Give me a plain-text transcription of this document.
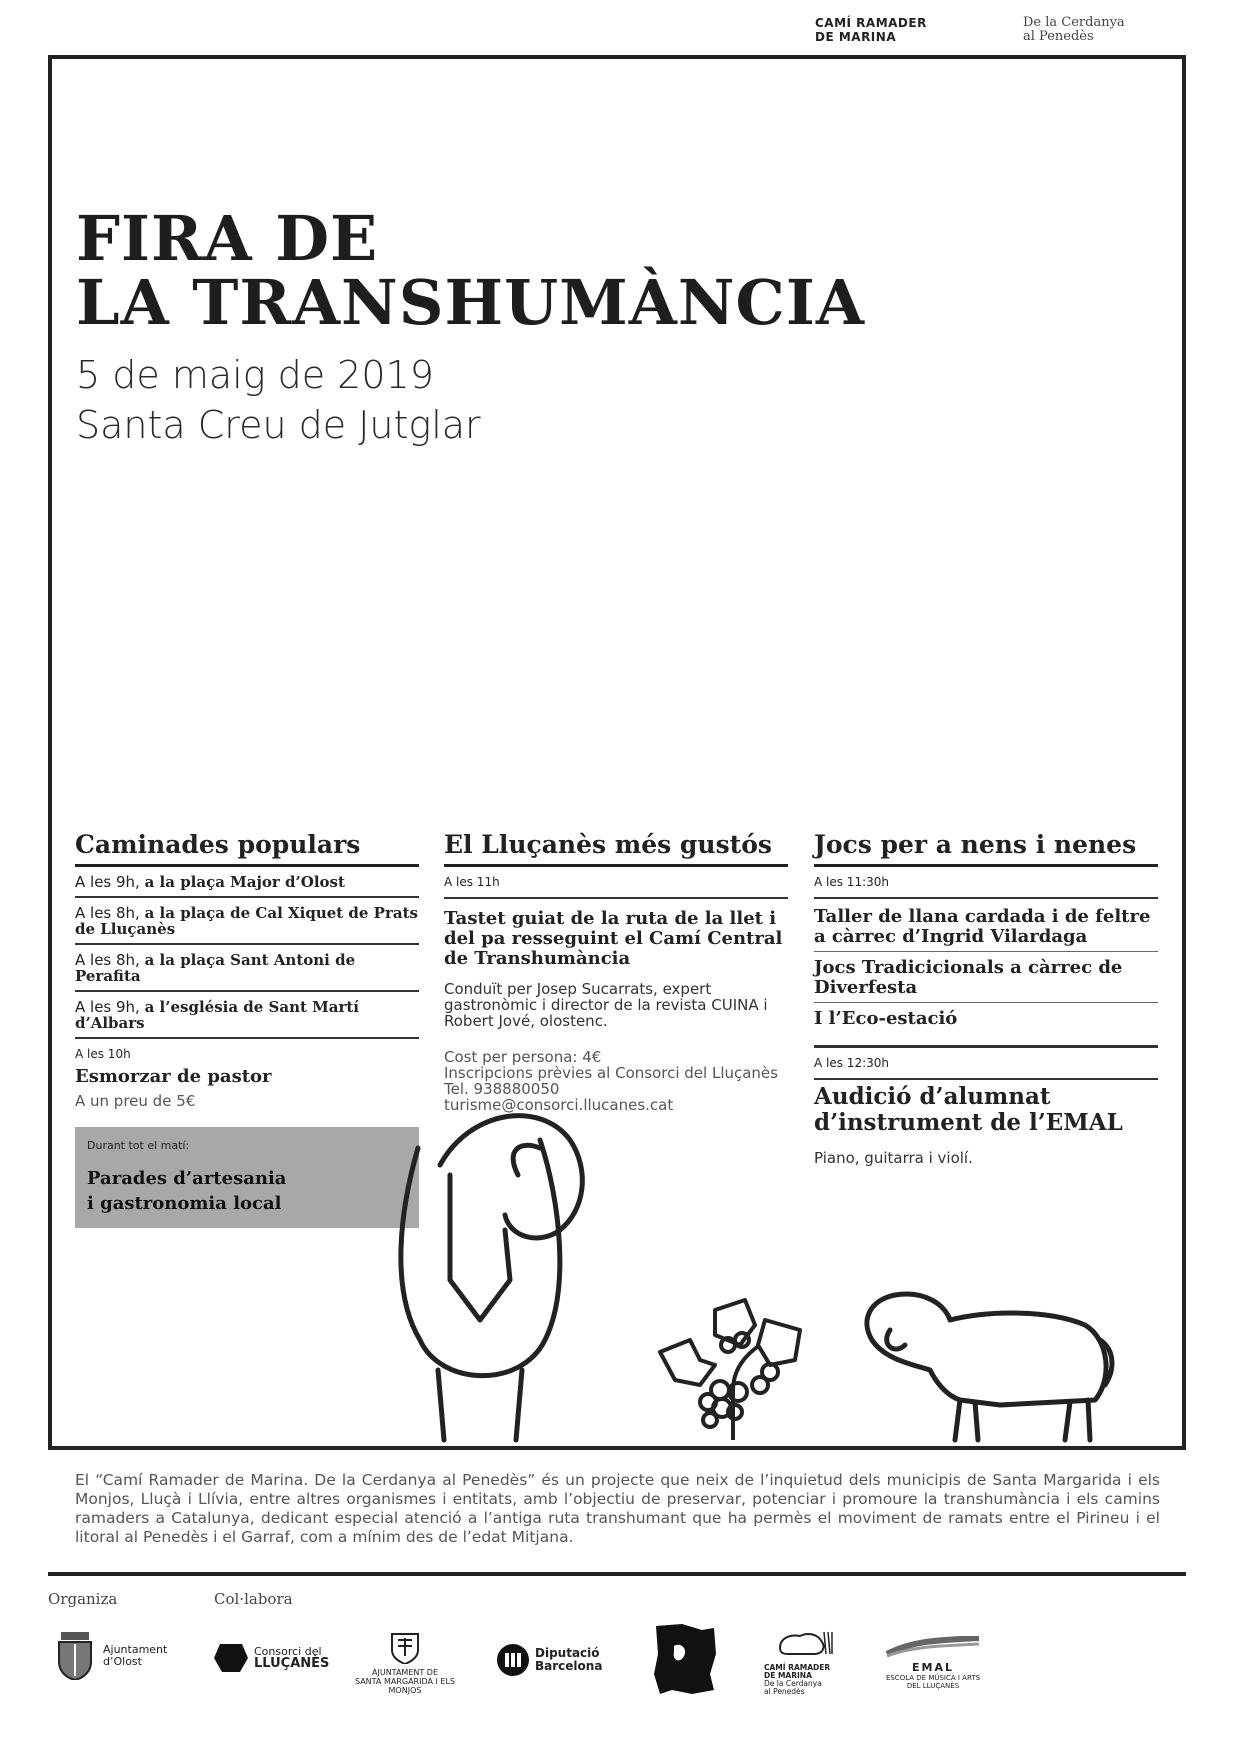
CAMÍ RAMADER
DE MARINA
De la Cerdanya
al Penedès
FIRA DE
LA TRANSHUMÀNCIA
5 de maig de 2019
Santa Creu de Jutglar
Caminades populars
A les 9h, a la plaça Major d’Olost
A les 8h, a la plaça de Cal Xiquet de Prats de Lluçanès
A les 8h, a la plaça Sant Antoni de Perafita
A les 9h, a l’església de Sant Martí d’Albars
A les 10h
Esmorzar de pastor
A un preu de 5€
Durant tot el matí:
Parades d’artesania
i gastronomia local
El Lluçanès més gustós
A les 11h
Tastet guiat de la ruta de la llet i del pa resseguint el Camí Central de Transhumància
Conduït per Josep Sucarrats, expert gastronòmic i director de la revista CUINA i Robert Jové, olostenc.
Cost per persona: 4€
Inscripcions prèvies al Consorci del Lluçanès
Tel. 938880050
turisme@consorci.llucanes.cat
Jocs per a nens i nenes
A les 11:30h
Taller de llana cardada i de feltre a càrrec d’Ingrid Vilardaga
Jocs Tradicicionals a càrrec de Diverfesta
I l’Eco-estació
A les 12:30h
Audició d’alumnat
d’instrument de l’EMAL
Piano, guitarra i violí.
El “Camí Ramader de Marina. De la Cerdanya al Penedès” és un projecte que neix de l’inquietud dels municipis de Santa Margarida i els Monjos, Lluçà i Llívia, entre altres organismes i entitats, amb l’objectiu de preservar, potenciar i promoure la transhumància i els camins ramaders a Catalunya, dedicant especial atenció a l’antiga ruta transhumant que ha permès el moviment de ramats entre el Pirineu i el litoral al Penedès i el Garraf, com a mínim des de l’edat Mitjana.
Organiza	Col·labora
Ajuntament
d’Olost
Consorci del
LLUÇANÈS
AJUNTAMENT DE
SANTA MARGARIDA I ELS MONJOS
Diputació
Barcelona	CAMÍ RAMADER
DE MARINA
De la Cerdanya
al Penedès
EMAL
ESCOLA DE MÚSICA I ARTS
DEL LLUÇANÈS
